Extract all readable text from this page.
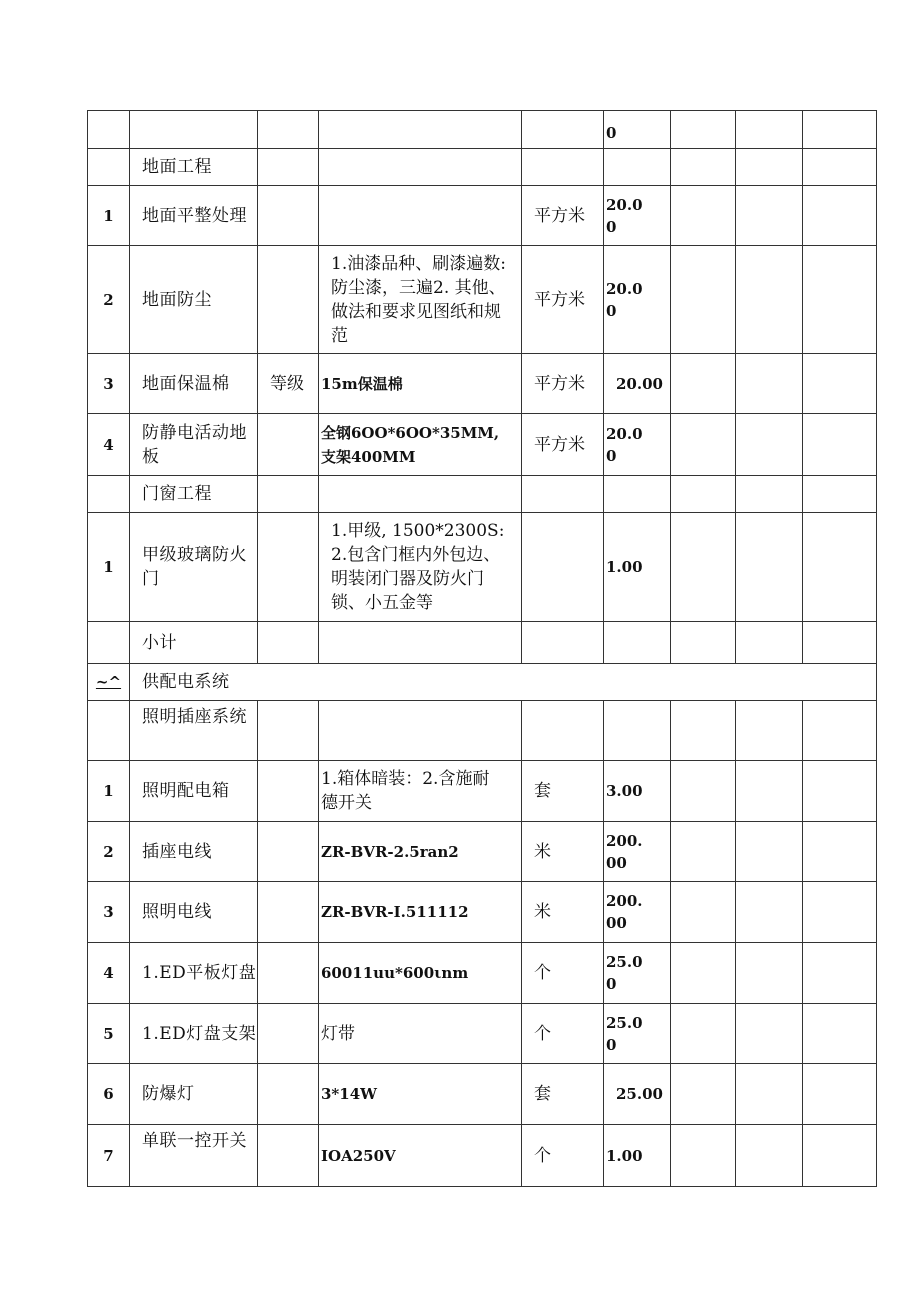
					0			
	地面工程							
1	地面平整处理			平方米	20.0
0			
2	地面防尘		1.油漆品种、刷漆遍数:
防尘漆，三遍2. 其他、
做法和要求见图纸和规
范	平方米	20.0
0			
3	地面保温棉	等级	15m保温棉	平方米	20.00			
4	防静电活动地
板		全钢6OO*6OO*35MM,
支架400MM	平方米	20.0
0			
	门窗工程							
1	甲级玻璃防火
门		1.甲级, 1500*2300S:
2.包含门框内外包边、
明装闭门器及防火门
锁、小五金等		1.00			
	小计							
~^	供配电系统							
	照明插座系统							
1	照明配电箱		1.箱体暗装：2.含施耐
德开关	套	3.00			
2	插座电线		ZR-BVR-2.5ran2	米	200.
00			
3	照明电线		ZR-BVR-I.511112	米	200.
00			
4	1.ED平板灯盘		60011uu*600ιnm	个	25.0
0			
5	1.ED灯盘支架		灯带	个	25.0
0			
6	防爆灯		3*14W	套	25.00			
7	单联一控开关		IOA250V	个	1.00			
